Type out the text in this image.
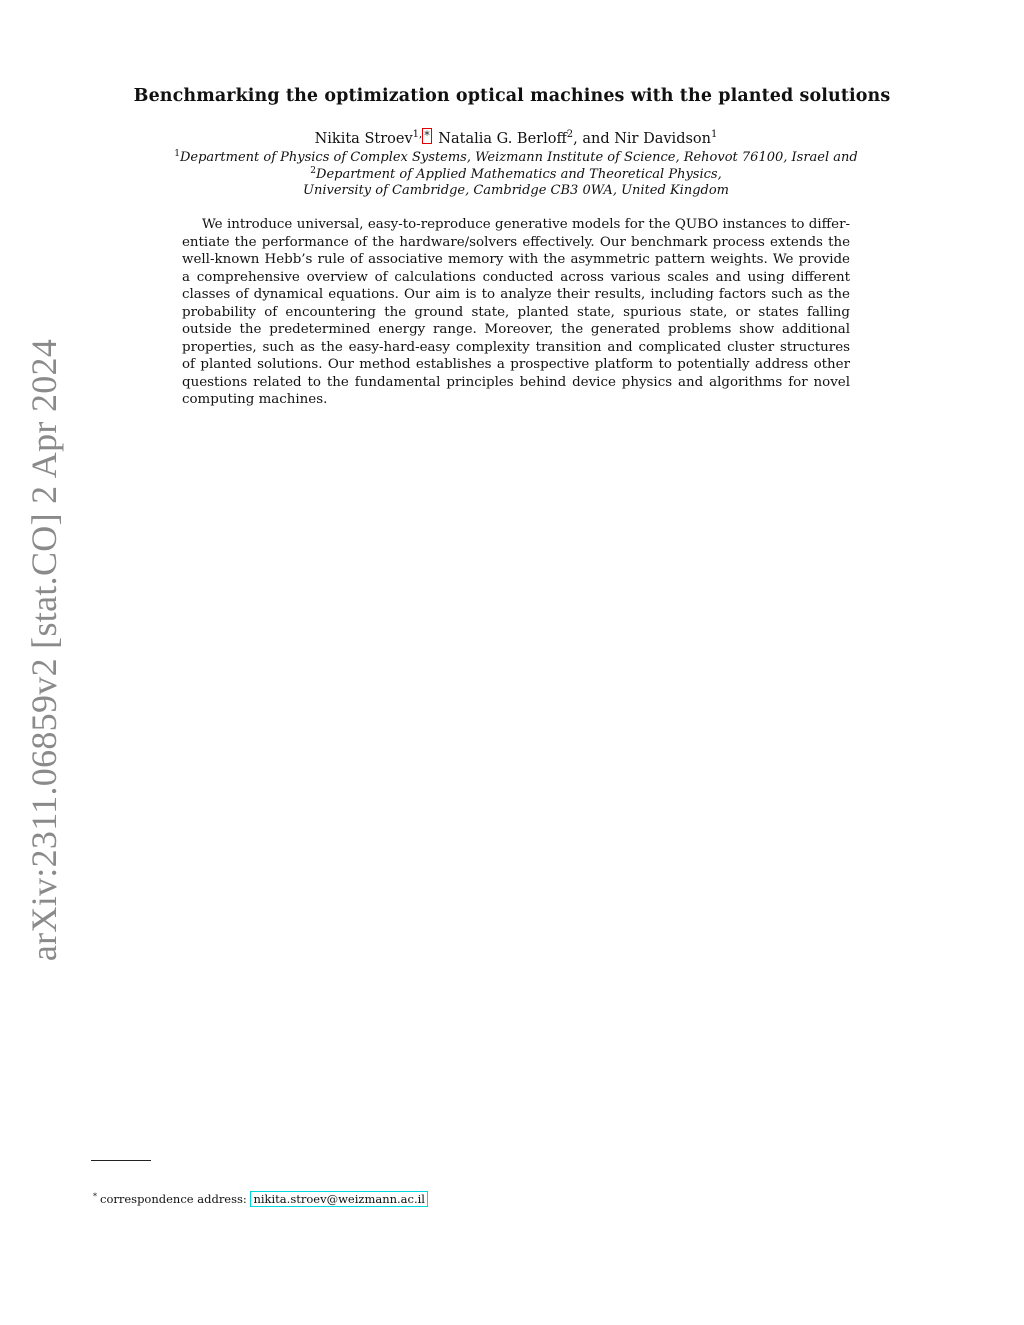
arXiv:2311.06859v2 [stat.CO] 2 Apr 2024
Benchmarking the optimization optical machines with the planted solutions
Nikita Stroev$^{1,}$ * Natalia G. Berloff$^2$, and Nir Davidson$^1$
$^1$Department of Physics of Complex Systems, Weizmann Institute of Science, Rehovot 76100, Israel and
$^2$Department of Applied Mathematics and Theoretical Physics,
University of Cambridge, Cambridge CB3 0WA, United Kingdom
We introduce universal, easy-to-reproduce generative models for the QUBO instances to differentiate the performance of the hardware/solvers effectively. Our benchmark process extends the well-known Hebb’s rule of associative memory with the asymmetric pattern weights. We provide a comprehensive overview of calculations conducted across various scales and using different classes of dynamical equations. Our aim is to analyze their results, including factors such as the probability of encountering the ground state, planted state, spurious state, or states falling outside the predetermined energy range. Moreover, the generated problems show additional properties, such as the easy-hard-easy complexity transition and complicated cluster structures of planted solutions. Our method establishes a prospective platform to potentially address other questions related to the fundamental principles behind device physics and algorithms for novel computing machines.
* correspondence address: nikita.stroev@weizmann.ac.il
